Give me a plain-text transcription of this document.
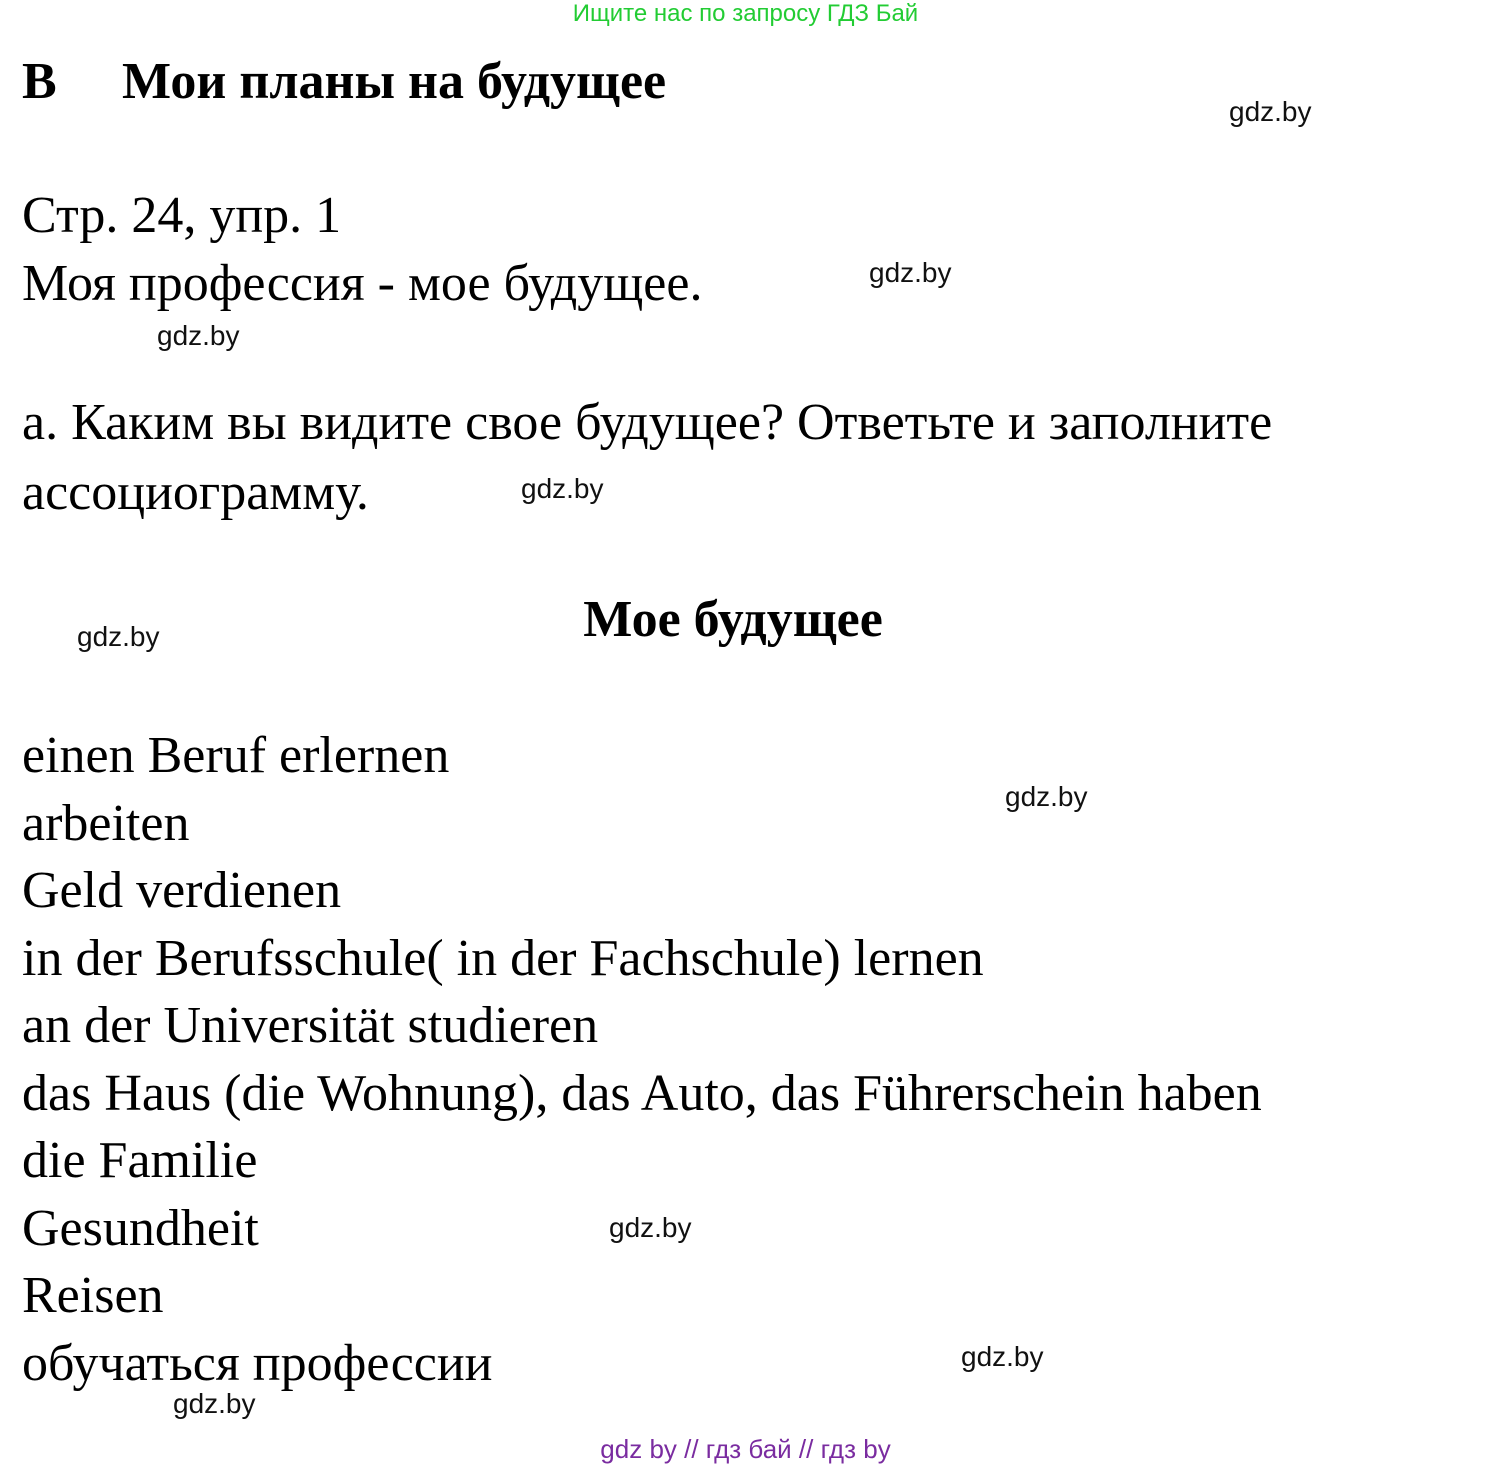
Ищите нас по запросу ГДЗ Бай
B Мои планы на будущее
gdz.by
Стр. 24, упр. 1
Моя профессия - мое будущее.	gdz.by
gdz.by
а. Каким вы видите свое будущее? Ответьте и заполните
ассоциограмму.	gdz.by
gdz.by	Мое будущее
einen Beruf erlernen
arbeiten
Geld verdienen
in der Berufsschule( in der Fachschule) lernen
an der Universität studieren
das Haus (die Wohnung), das Auto, das Führerschein haben
die Familie
Gesundheit
Reisen
обучаться профессии
gdz.by
gdz.by
gdz.by
gdz.by
gdz by // гдз бай // гдз by
